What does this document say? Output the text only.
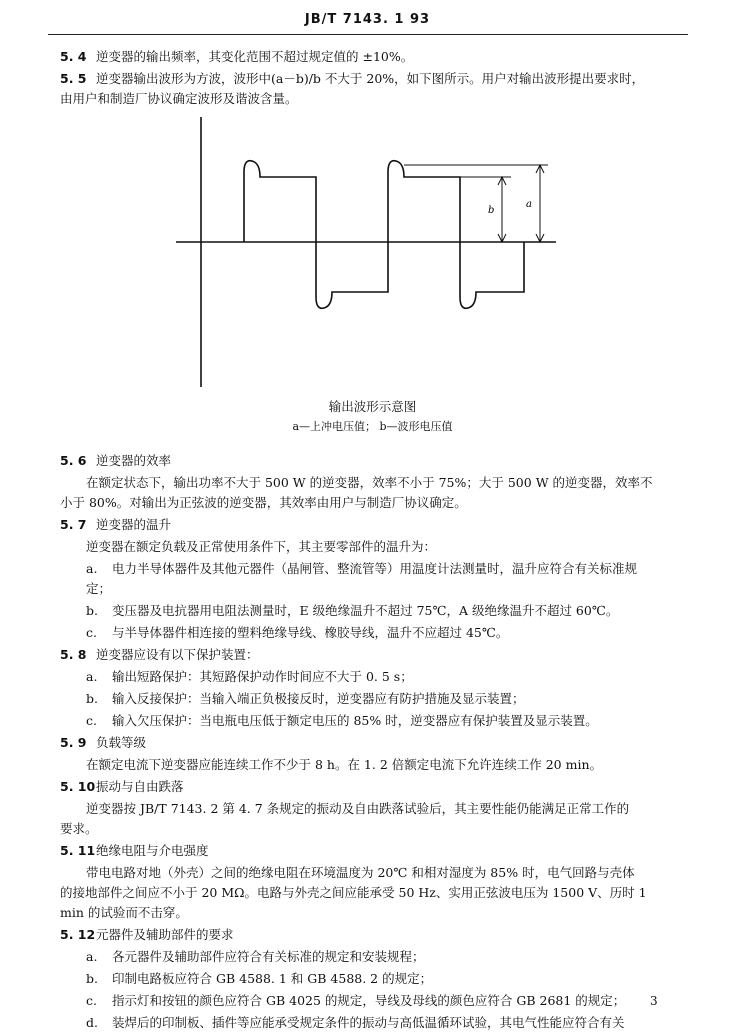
JB/T 7143. 1 93

5. 4 逆变器的输出频率，其变化范围不超过规定值的 ±10%。

5. 5 逆变器输出波形为方波，波形中(a－b)/b 不大于 20%，如下图所示。用户对输出波形提出要求时，
由用户和制造厂协议确定波形及谐波含量。

b
a
输出波形示意图
a—上冲电压值； b—波形电压值

5. 6 逆变器的效率

在额定状态下，输出功率不大于 500 W 的逆变器，效率不小于 75%；大于 500 W 的逆变器，效率不
小于 80%。对输出为正弦波的逆变器，其效率由用户与制造厂协议确定。

5. 7 逆变器的温升

逆变器在额定负载及正常使用条件下，其主要零部件的温升为：

a. 电力半导体器件及其他元器件（晶闸管、整流管等）用温度计法测量时，温升应符合有关标准规
定；

b. 变压器及电抗器用电阻法测量时，E 级绝缘温升不超过 75℃，A 级绝缘温升不超过 60℃。

c. 与半导体器件相连接的塑料绝缘导线、橡胶导线，温升不应超过 45℃。

5. 8 逆变器应设有以下保护装置：

a. 输出短路保护：其短路保护动作时间应不大于 0. 5 s；

b. 输入反接保护：当输入端正负极接反时，逆变器应有防护措施及显示装置；

c. 输入欠压保护：当电瓶电压低于额定电压的 85% 时，逆变器应有保护装置及显示装置。

5. 9 负载等级

在额定电流下逆变器应能连续工作不少于 8 h。在 1. 2 倍额定电流下允许连续工作 20 min。

5. 10振动与自由跌落

逆变器按 JB/T 7143. 2 第 4. 7 条规定的振动及自由跌落试验后，其主要性能仍能满足正常工作的
要求。

5. 11绝缘电阻与介电强度

带电电路对地（外壳）之间的绝缘电阻在环境温度为 20℃ 和相对湿度为 85% 时，电气回路与壳体
的接地部件之间应不小于 20 MΩ。电路与外壳之间应能承受 50 Hz、实用正弦波电压为 1500 V、历时 1
min 的试验而不击穿。

5. 12元器件及辅助部件的要求

a. 各元器件及辅助部件应符合有关标准的规定和安装规程；

b. 印制电路板应符合 GB 4588. 1 和 GB 4588. 2 的规定；

c. 指示灯和按钮的颜色应符合 GB 4025 的规定，导线及母线的颜色应符合 GB 2681 的规定；

d. 装焊后的印制板、插件等应能承受规定条件的振动与高低温循环试验，其电气性能应符合有关

3
